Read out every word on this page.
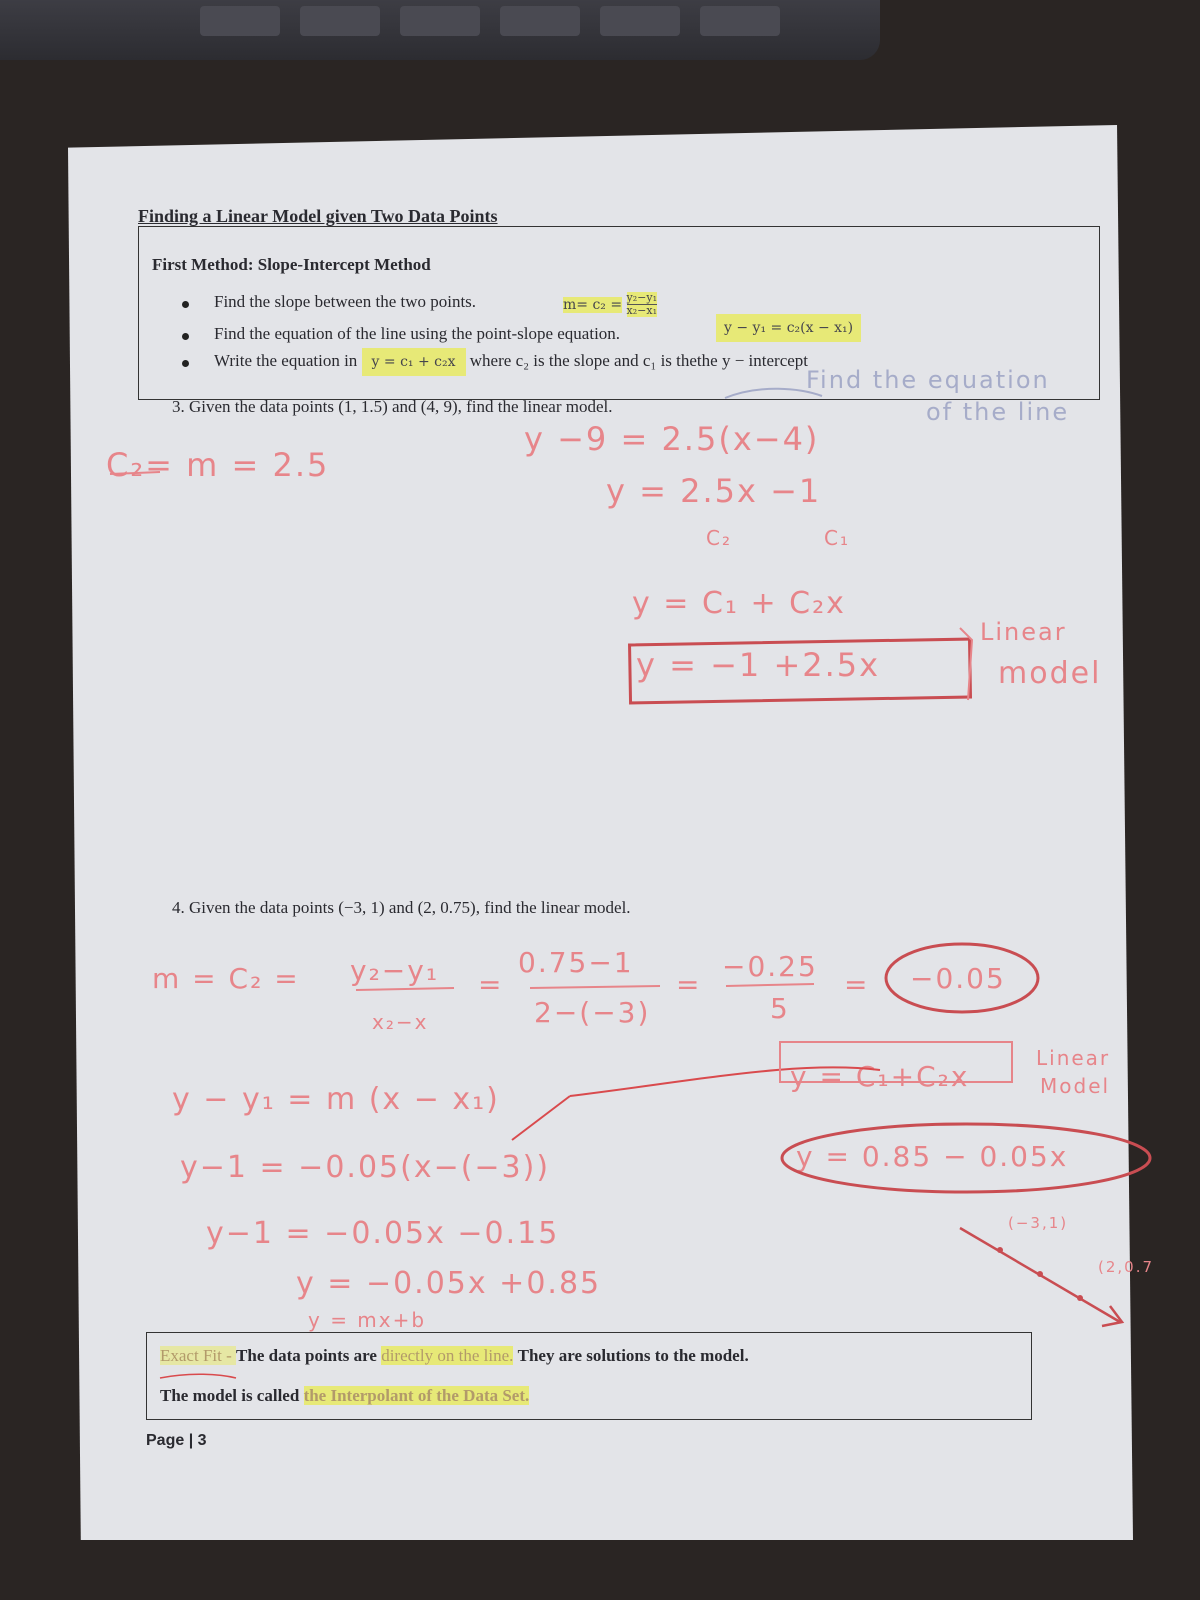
Finding a Linear Model given Two Data Points
First Method: Slope-Intercept Method
Find the slope between the two points.	$m= c_2 = \frac{\text{y₂−y₁}}{\text{x₂−x₁}}$
Find the equation of the line using the point-slope equation.	y − y₁ = c₂(x − x₁)
Write the equation in y = c₁ + c₂x where c₂ is the slope and c₁ is thethe y − intercept
3. Given the data points (1, 1.5) and (4, 9), find the linear model.
C₂= m = 2.5
y −9 = 2.5(x−4)
y = 2.5x −1
C₂	C₁
y = C₁ + C₂x
y = −1 +2.5x
Find the equation
of the line
Linear
model
4. Given the data points (−3, 1) and (2, 0.75), find the linear model.
m = C₂ = y₂−y₁
x₂−x
=
0.75−1
2−(−3)
=
−0.25
5
= −0.05
y − y₁ = m (x − x₁)
y−1 = −0.05(x−(−3))
y−1 = −0.05x −0.15
y = −0.05x +0.85
y = mx+b
y = C₁+C₂x
y = 0.85 − 0.05x
Linear
Model
(−3,1)
(2,0.7
Exact Fit - The data points are directly on the line. They are solutions to the model.
The model is called the Interpolant of the Data Set.
Page | 3
